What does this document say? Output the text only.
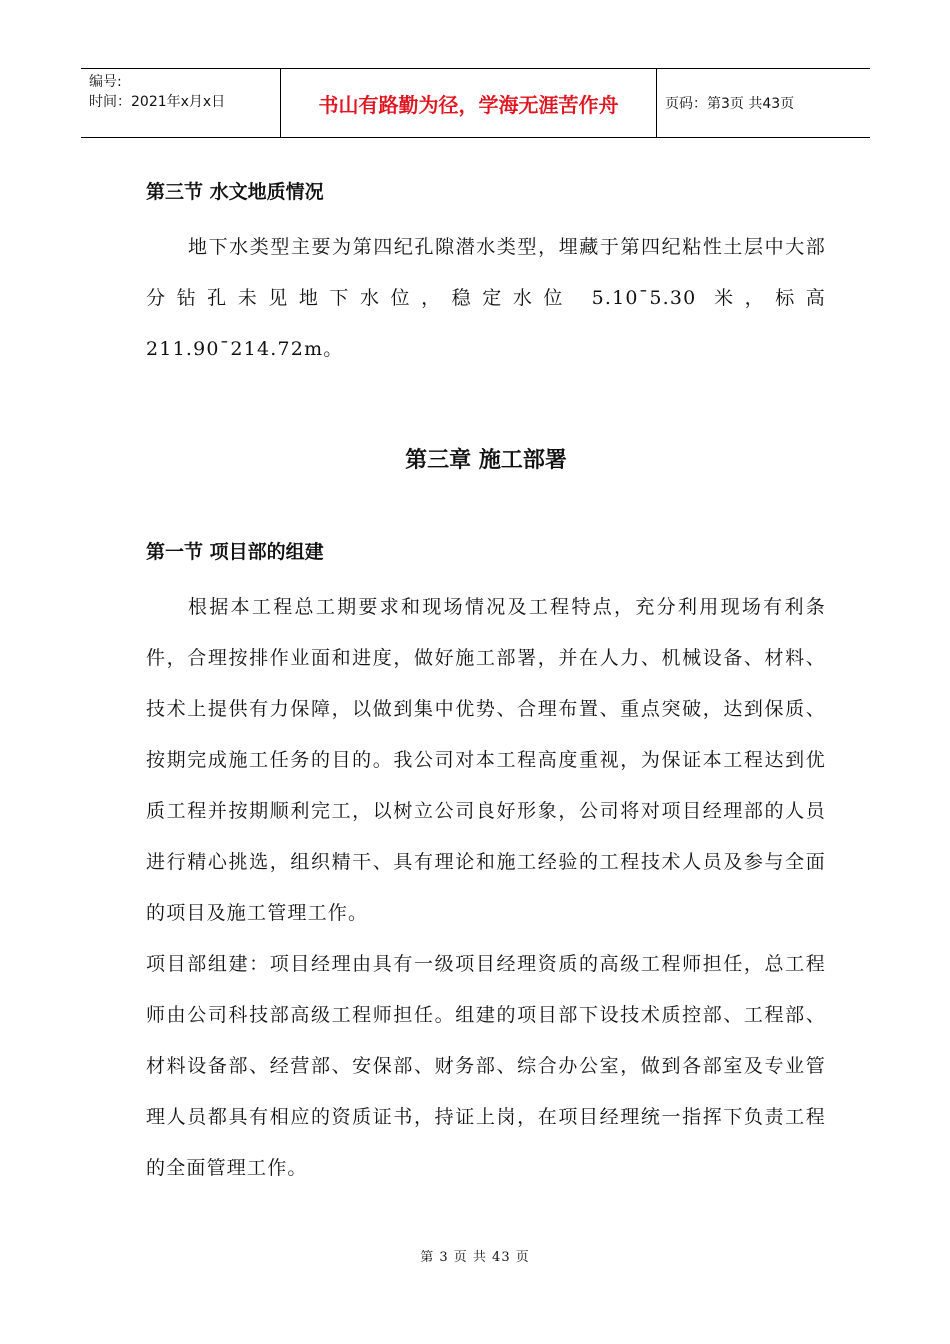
编号:
时间：2021年x月x日	书山有路勤为径，学海无涯苦作舟	页码：第3页 共43页
第三节 水文地质情况
地下水类型主要为第四纪孔隙潜水类型，埋藏于第四纪粘性土层中大部分钻孔未见地下水位，稳定水位 5.10¯5.30 米，标高 211.90¯214.72m。
第三章 施工部署
第一节 项目部的组建
根据本工程总工期要求和现场情况及工程特点，充分利用现场有利条件，合理按排作业面和进度，做好施工部署，并在人力、机械设备、材料、技术上提供有力保障，以做到集中优势、合理布置、重点突破，达到保质、按期完成施工任务的目的。我公司对本工程高度重视，为保证本工程达到优质工程并按期顺利完工，以树立公司良好形象，公司将对项目经理部的人员进行精心挑选，组织精干、具有理论和施工经验的工程技术人员及参与全面的项目及施工管理工作。
项目部组建：项目经理由具有一级项目经理资质的高级工程师担任，总工程师由公司科技部高级工程师担任。组建的项目部下设技术质控部、工程部、材料设备部、经营部、安保部、财务部、综合办公室，做到各部室及专业管理人员都具有相应的资质证书，持证上岗，在项目经理统一指挥下负责工程的全面管理工作。
第 3 页 共 43 页
